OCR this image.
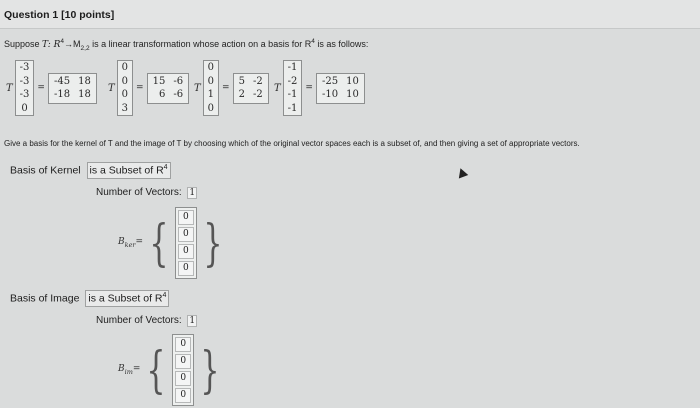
Question 1 [10 points]
Suppose T: $R^4\to M_{2,2}$ is a linear transformation whose action on a basis for $R^4$ is as follows:
T
-3
-3
-3
0
=
-45 18
-18 18
T
0
0
0
3
=
15 -6
6 -6
T
0
0
1
0
=
5 -2
2 -2
T
-1
-2
-1
-1
=
-25 10
-10 10
Give a basis for the kernel of T and the image of T by choosing which of the original vector spaces each is a subset of, and then giving a set of appropriate vectors.
Basis of Kernel is a Subset of $R^4$
Number of Vectors: 1
$B_{ker}=$ {	0
0
0
0 }
Basis of Image is a Subset of $R^4$
Number of Vectors: 1
$B_{im}=$ {	0
0
0
0 }
